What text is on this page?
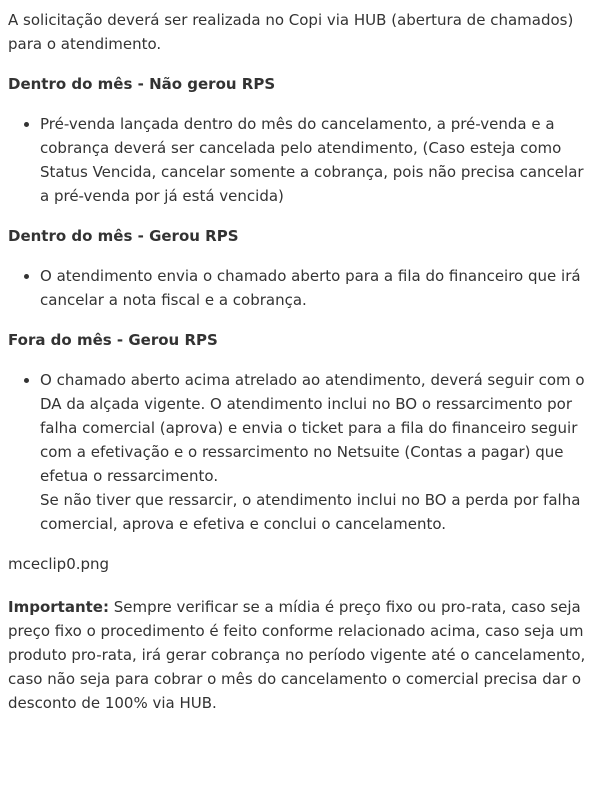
A solicitação deverá ser realizada no Copi via HUB (abertura de chamados) para o atendimento.

Dentro do mês - Não gerou RPS
• Pré-venda lançada dentro do mês do cancelamento, a pré-venda e a cobrança deverá ser cancelada pelo atendimento, (Caso esteja como Status Vencida, cancelar somente a cobrança, pois não precisa cancelar a pré-venda por já está vencida)
Dentro do mês - Gerou RPS
• O atendimento envia o chamado aberto para a fila do financeiro que irá cancelar a nota fiscal e a cobrança.
Fora do mês - Gerou RPS
• O chamado aberto acima atrelado ao atendimento, deverá seguir com o DA da alçada vigente. O atendimento inclui no BO o ressarcimento por falha comercial (aprova) e envia o ticket para a fila do financeiro seguir com a efetivação e o ressarcimento no Netsuite (Contas a pagar) que efetua o ressarcimento.
Se não tiver que ressarcir, o atendimento inclui no BO a perda por falha comercial, aprova e efetiva e conclui o cancelamento.

mceclip0.png

Importante: Sempre verificar se a mídia é preço fixo ou pro-rata, caso seja preço fixo o procedimento é feito conforme relacionado acima, caso seja um produto pro-rata, irá gerar cobrança no período vigente até o cancelamento, caso não seja para cobrar o mês do cancelamento o comercial precisa dar o desconto de 100% via HUB.
